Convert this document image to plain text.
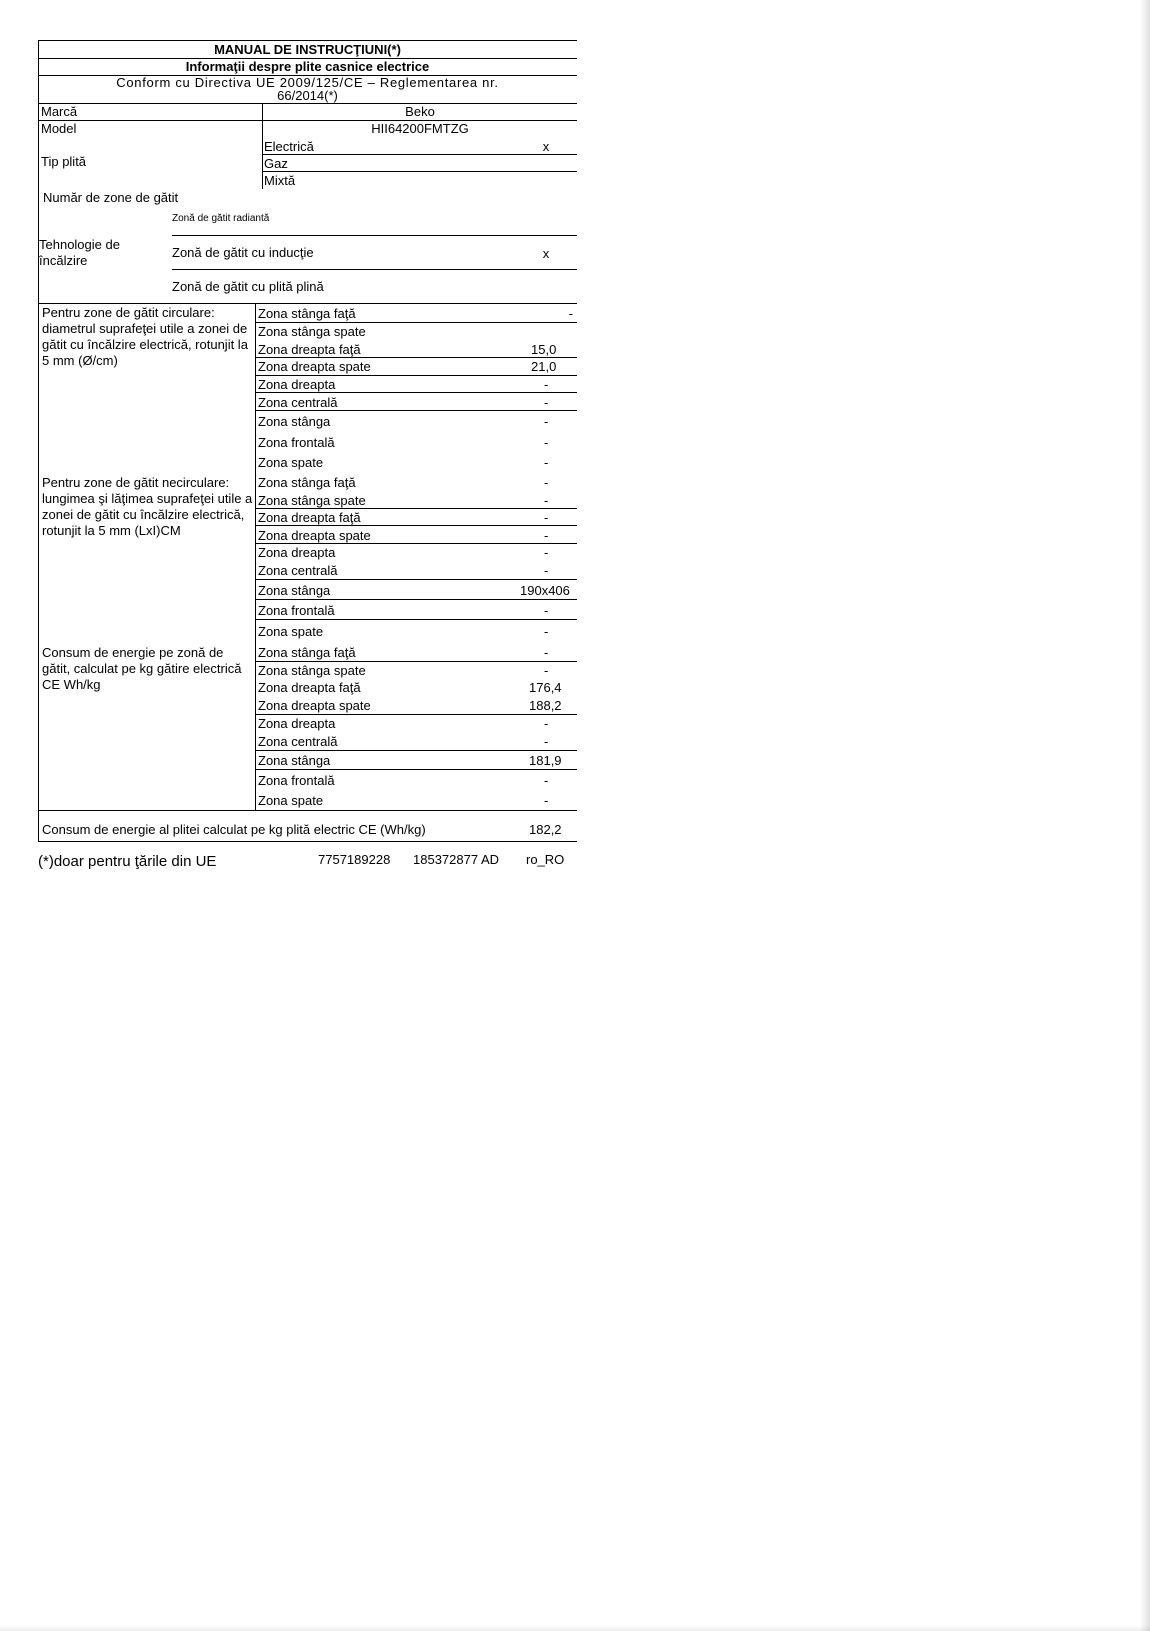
MANUAL DE INSTRUCŢIUNI(*)
Informaţii despre plite casnice electrice
Conform cu Directiva UE 2009/125/CE – Reglementarea nr.
66/2014(*)
Marcă	Beko
Model	HII64200FMTZG
Tip plită
Electrică	x
Gaz
Mixtă
Număr de zone de gătit
Tehnologie de încălzire
Zonă de gătit radiantă
Zonă de gătit cu inducţie	x
Zonă de gătit cu plită plină
Pentru zone de gătit circulare: diametrul suprafeţei utile a zonei de gătit cu încălzire electrică, rotunjit la 5 mm (Ø/cm)
Zona stânga faţă	-
Zona stânga spate
Zona dreapta faţă	15,0
Zona dreapta spate	21,0
Zona dreapta	-
Zona centrală	-
Zona stânga	-
Zona frontală	-
Zona spate	-
Pentru zone de gătit necirculare: lungimea şi lăţimea suprafeţei utile a zonei de gătit cu încălzire electrică, rotunjit la 5 mm (LxI)CM
Zona stânga faţă	-
Zona stânga spate	-
Zona dreapta faţă	-
Zona dreapta spate	-
Zona dreapta	-
Zona centrală	-
Zona stânga	190x406
Zona frontală	-
Zona spate	-
Consum de energie pe zonă de gătit, calculat pe kg gătire electrică CE Wh/kg
Zona stânga faţă	-
Zona stânga spate	-
Zona dreapta faţă	176,4
Zona dreapta spate	188,2
Zona dreapta	-
Zona centrală	-
Zona stânga	181,9
Zona frontală	-
Zona spate	-
Consum de energie al plitei calculat pe kg plită electric CE (Wh/kg)	182,2
(*)doar pentru ţările din UE	7757189228 185372877 AD ro_RO
